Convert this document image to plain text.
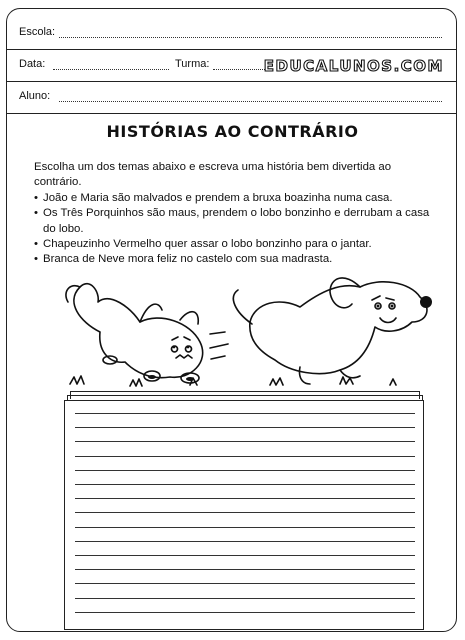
Escola:
Data:	Turma:	EDUCALUNOS.COM
Aluno:
HISTÓRIAS AO CONTRÁRIO

Escolha um dos temas abaixo e escreva uma história bem divertida ao contrário.

• João e Maria são malvados e prendem a bruxa boazinha numa casa.
• Os Três Porquinhos são maus, prendem o lobo bonzinho e derrubam a casa do lobo.
• Chapeuzinho Vermelho quer assar o lobo bonzinho para o jantar.
• Branca de Neve mora feliz no castelo com sua madrasta.
